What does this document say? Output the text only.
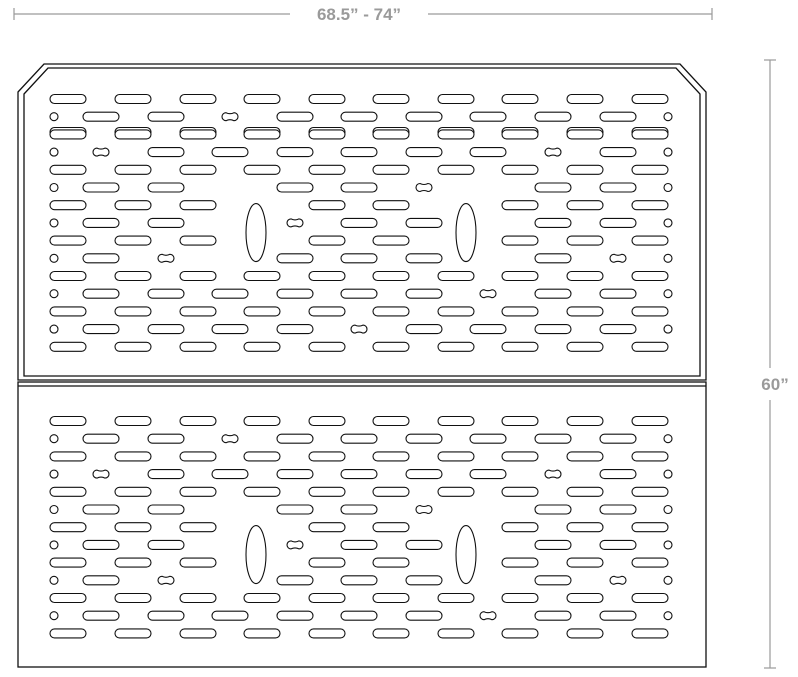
68.5” - 74”
60”
